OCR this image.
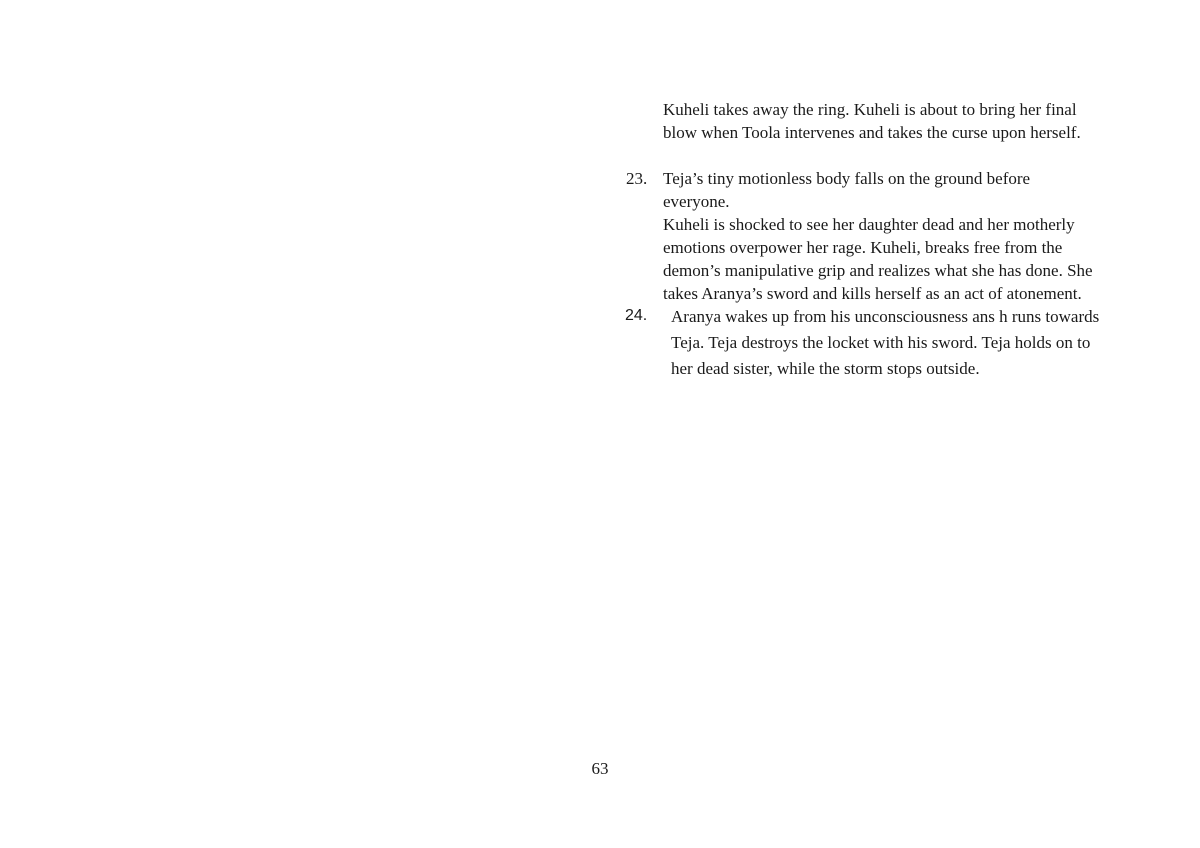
Kuheli takes away the ring. Kuheli is about to bring her final
blow when Toola intervenes and takes the curse upon herself.
23. Teja’s tiny motionless body falls on the ground before everyone.
Kuheli is shocked to see her daughter dead and her motherly
emotions overpower her rage. Kuheli, breaks free from the
demon’s manipulative grip and realizes what she has done. She
takes Aranya’s sword and kills herself as an act of atonement.
24. Aranya wakes up from his unconsciousness ans h runs towards
Teja. Teja destroys the locket with his sword. Teja holds on to
her dead sister, while the storm stops outside.
63
